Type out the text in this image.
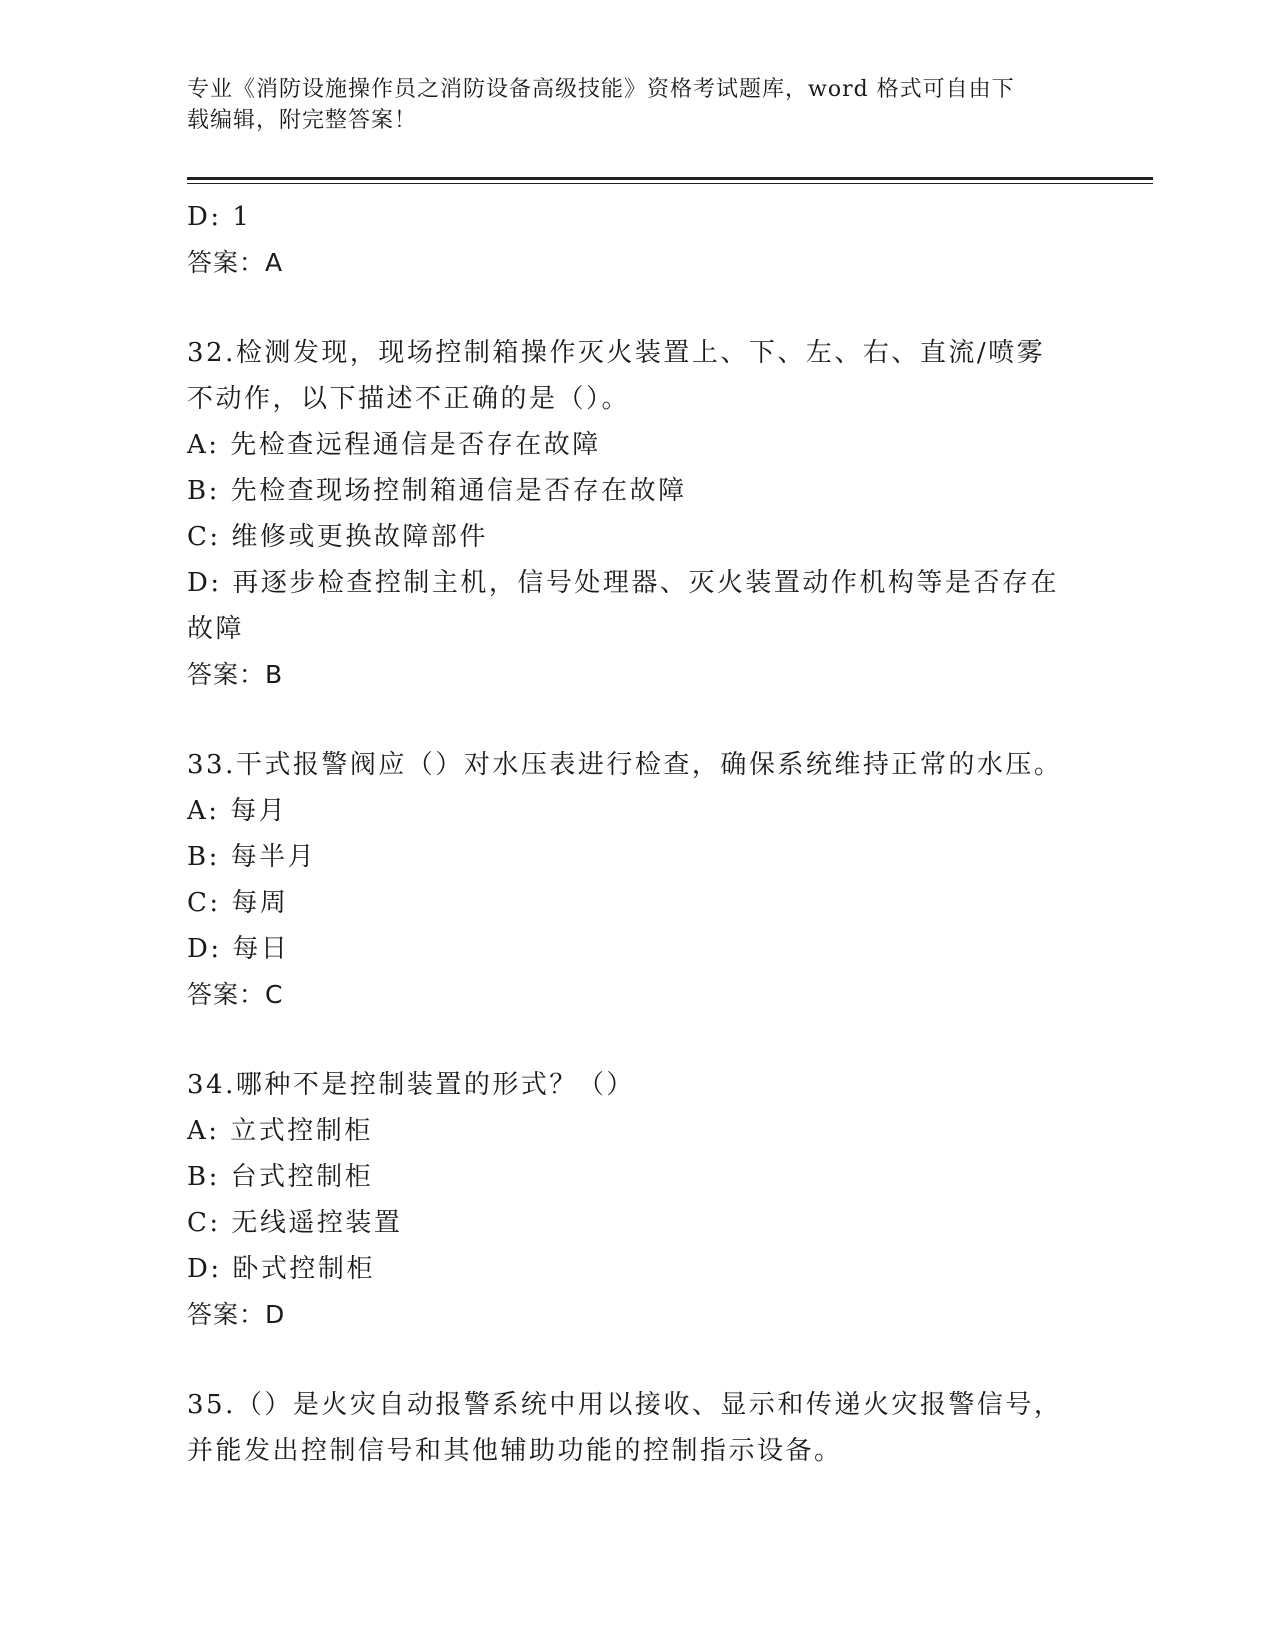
专业《消防设施操作员之消防设备高级技能》资格考试题库，word 格式可自由下
载编辑，附完整答案！
D: 1
答案：A
32.检测发现，现场控制箱操作灭火装置上、下、左、右、直流/喷雾
不动作，以下描述不正确的是（）。
A: 先检查远程通信是否存在故障
B: 先检查现场控制箱通信是否存在故障
C: 维修或更换故障部件
D: 再逐步检查控制主机，信号处理器、灭火装置动作机构等是否存在
故障
答案：B
33.干式报警阀应（）对水压表进行检查，确保系统维持正常的水压。
A: 每月
B: 每半月
C: 每周
D: 每日
答案：C
34.哪种不是控制装置的形式？（）
A: 立式控制柜
B: 台式控制柜
C: 无线遥控装置
D: 卧式控制柜
答案：D
35.（）是火灾自动报警系统中用以接收、显示和传递火灾报警信号，
并能发出控制信号和其他辅助功能的控制指示设备。
